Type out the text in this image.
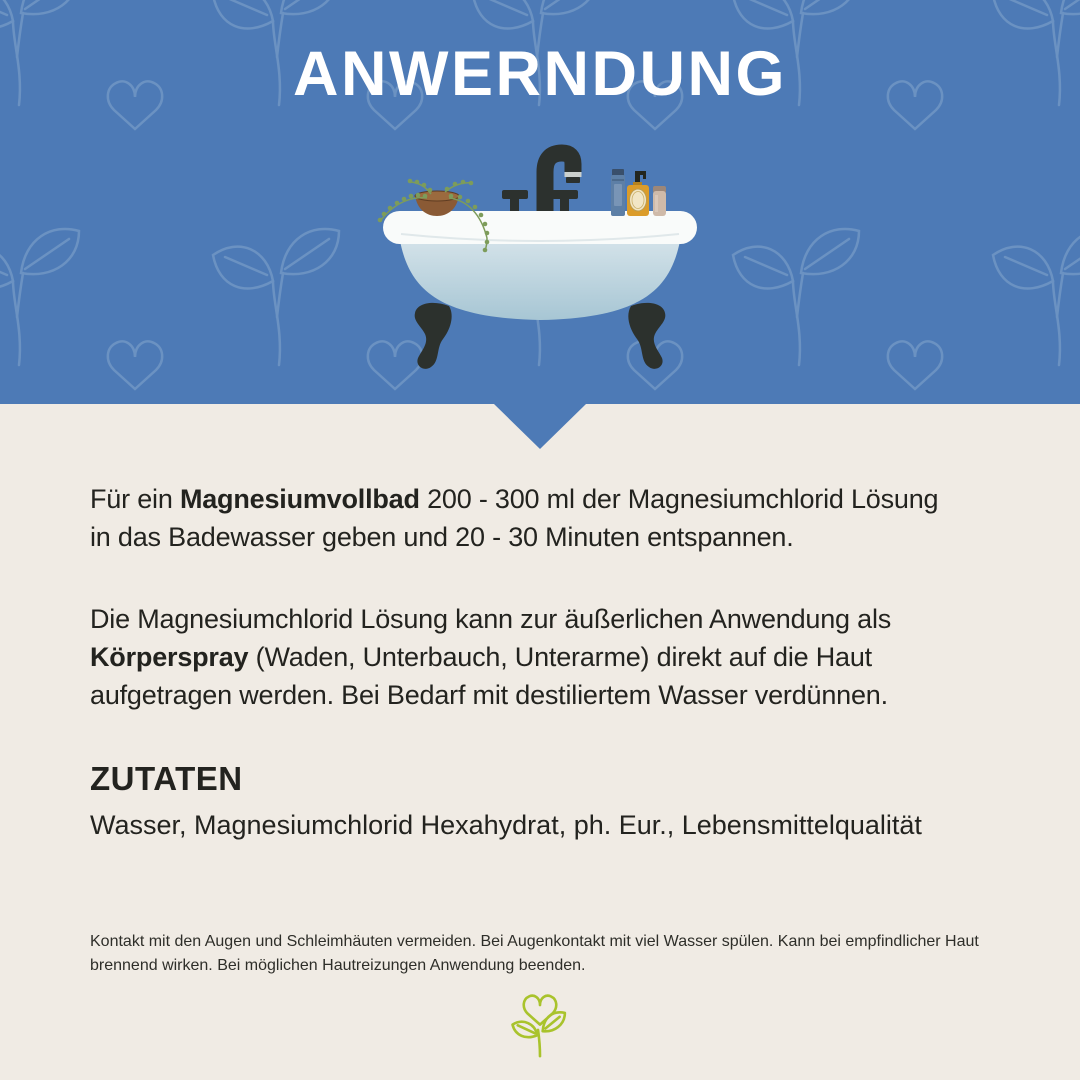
ANWERNDUNG

Für ein Magnesiumvollbad 200 - 300 ml der Magnesiumchlorid Lösung in das Badewasser geben und 20 - 30 Minuten entspannen.

Die Magnesiumchlorid Lösung kann zur äußerlichen Anwendung als Körperspray (Waden, Unterbauch, Unterarme) direkt auf die Haut aufgetragen werden. Bei Bedarf mit destiliertem Wasser verdünnen.

ZUTATEN

Wasser, Magnesiumchlorid Hexahydrat, ph. Eur., Lebensmittelqualität

Kontakt mit den Augen und Schleimhäuten vermeiden. Bei Augenkontakt mit viel Wasser spülen. Kann bei empfindlicher Haut brennend wirken. Bei möglichen Hautreizungen Anwendung beenden.
